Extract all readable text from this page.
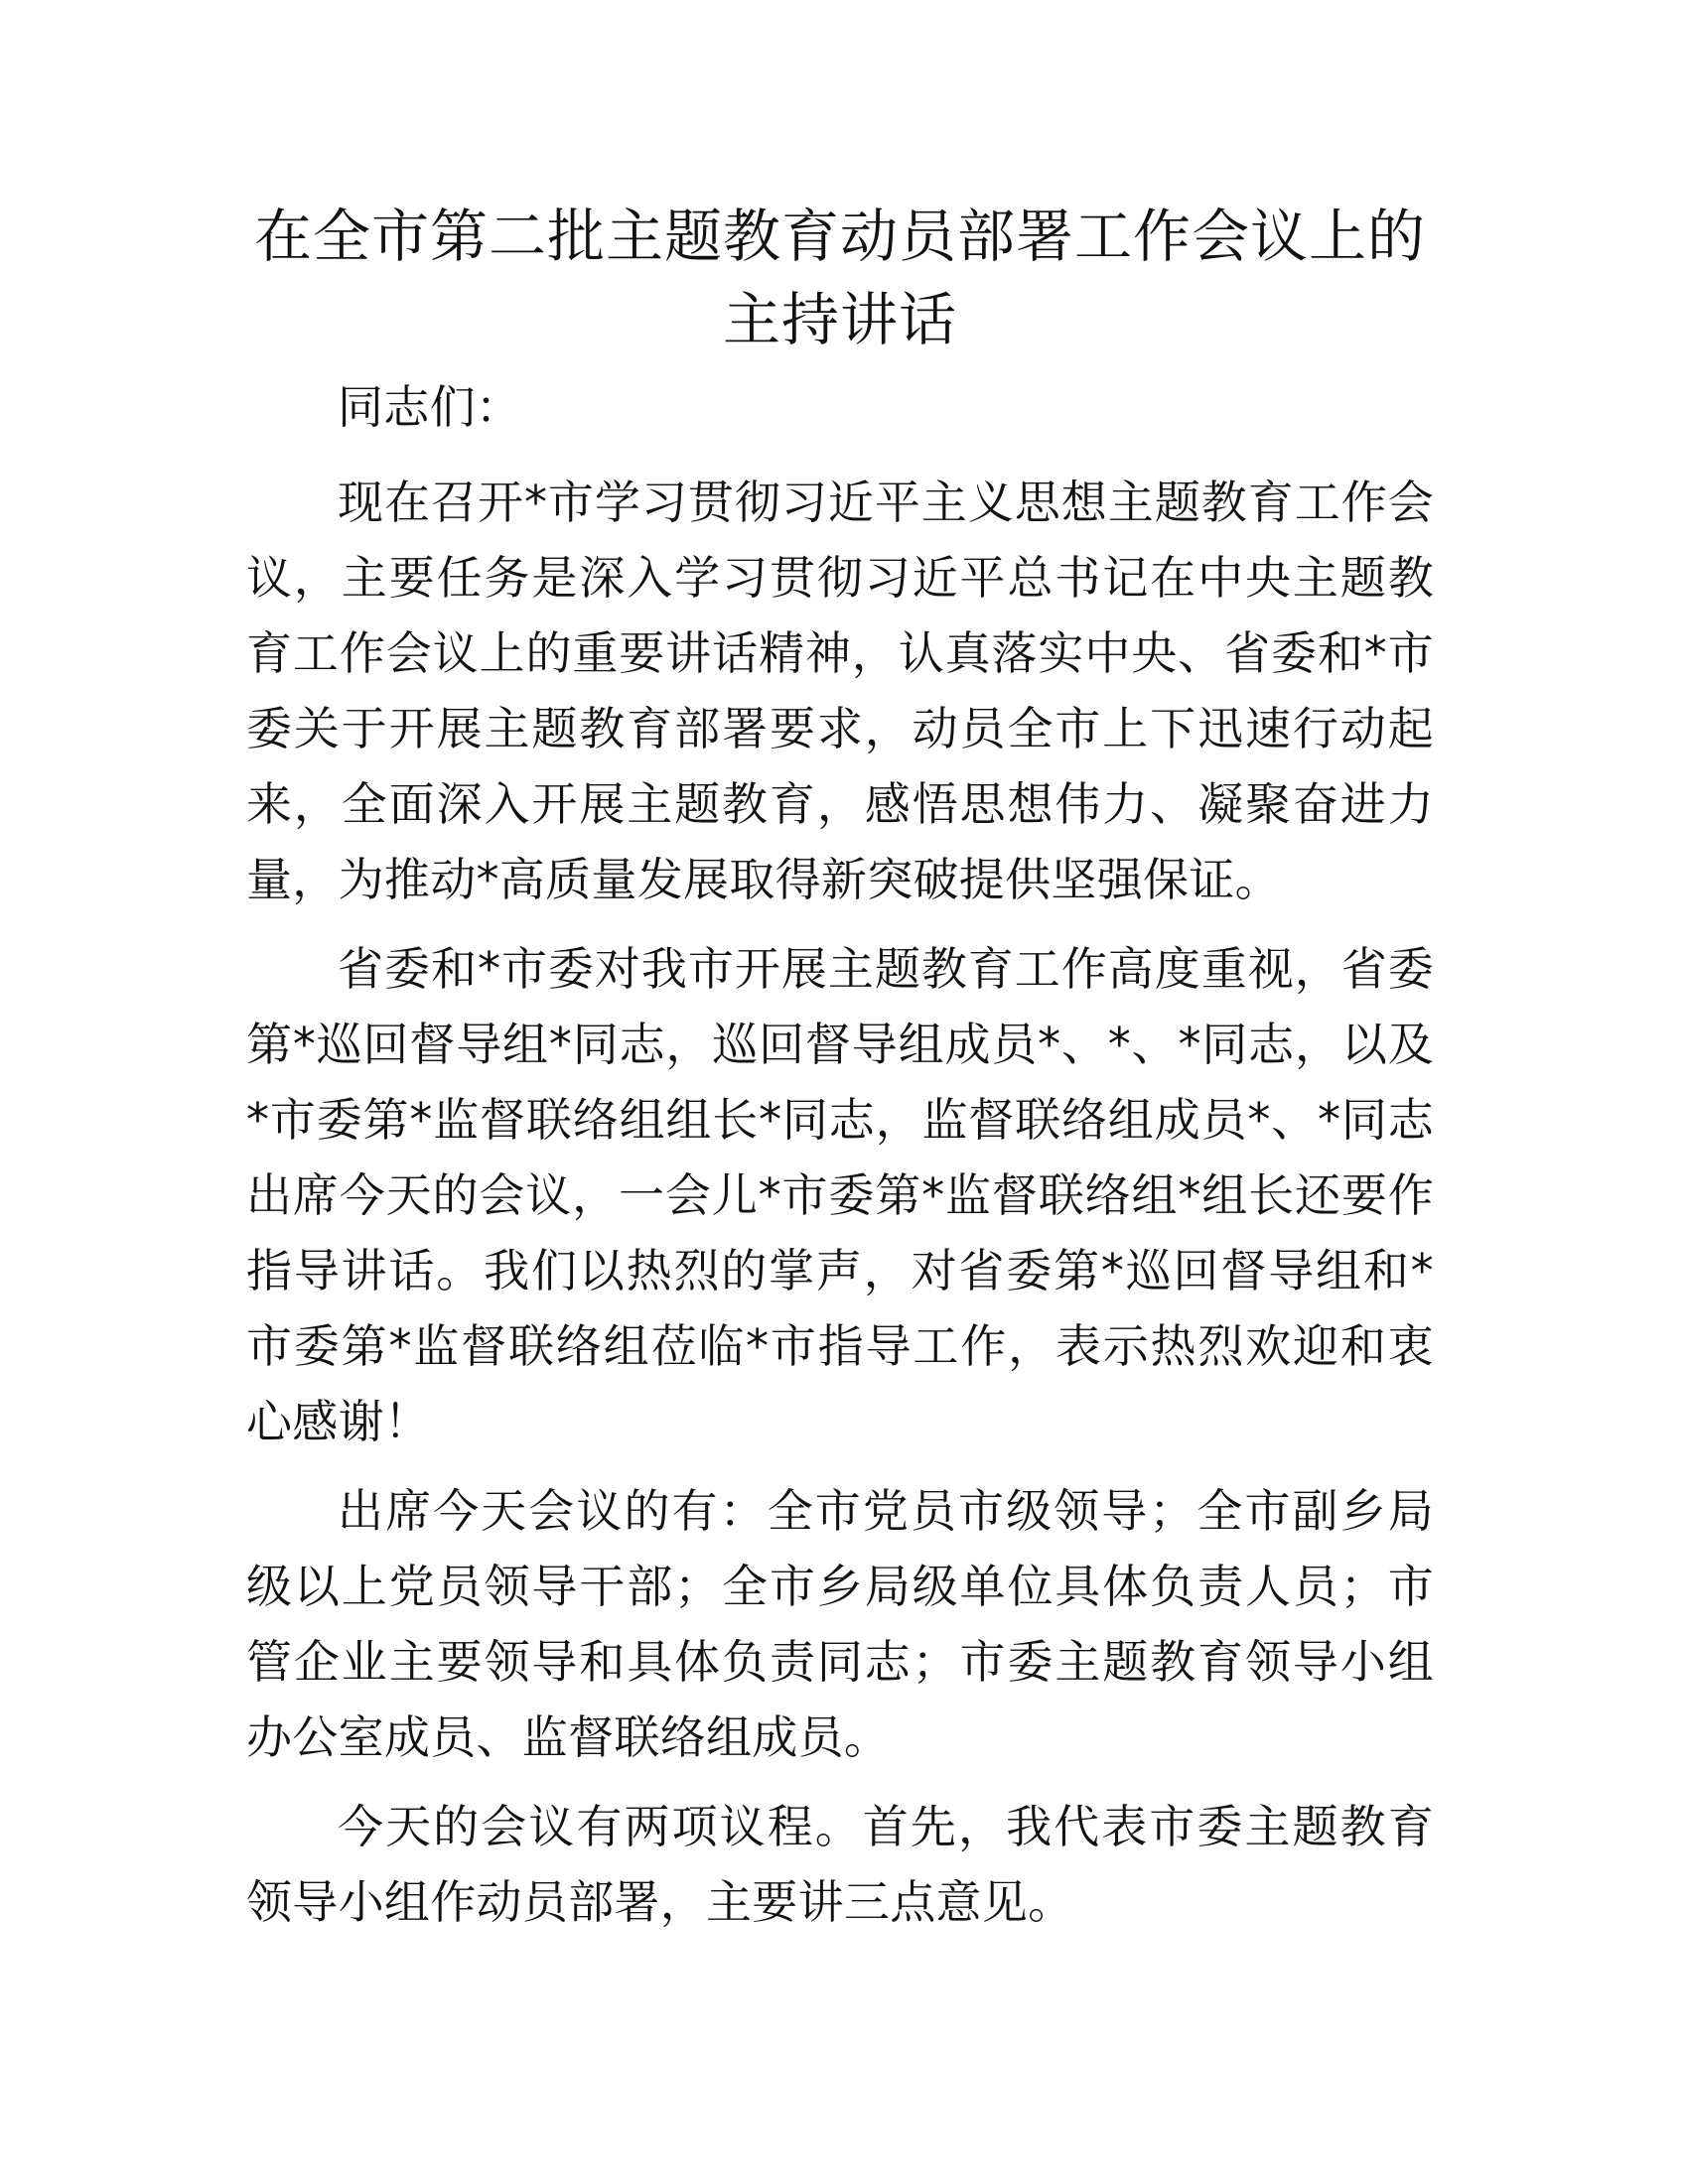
在全市第二批主题教育动员部署工作会议上的
主持讲话

同志们：

现在召开*市学习贯彻习近平主义思想主题教育工作会议，主要任务是深入学习贯彻习近平总书记在中央主题教育工作会议上的重要讲话精神，认真落实中央、省委和*市委关于开展主题教育部署要求，动员全市上下迅速行动起来，全面深入开展主题教育，感悟思想伟力、凝聚奋进力量，为推动*高质量发展取得新突破提供坚强保证。

省委和*市委对我市开展主题教育工作高度重视，省委第*巡回督导组*同志，巡回督导组成员*、*、*同志，以及*市委第*监督联络组组长*同志，监督联络组成员*、*同志出席今天的会议，一会儿*市委第*监督联络组*组长还要作指导讲话。我们以热烈的掌声，对省委第*巡回督导组和*市委第*监督联络组莅临*市指导工作，表示热烈欢迎和衷心感谢！

出席今天会议的有：全市党员市级领导；全市副乡局级以上党员领导干部；全市乡局级单位具体负责人员；市管企业主要领导和具体负责同志；市委主题教育领导小组办公室成员、监督联络组成员。

今天的会议有两项议程。首先，我代表市委主题教育领导小组作动员部署，主要讲三点意见。
